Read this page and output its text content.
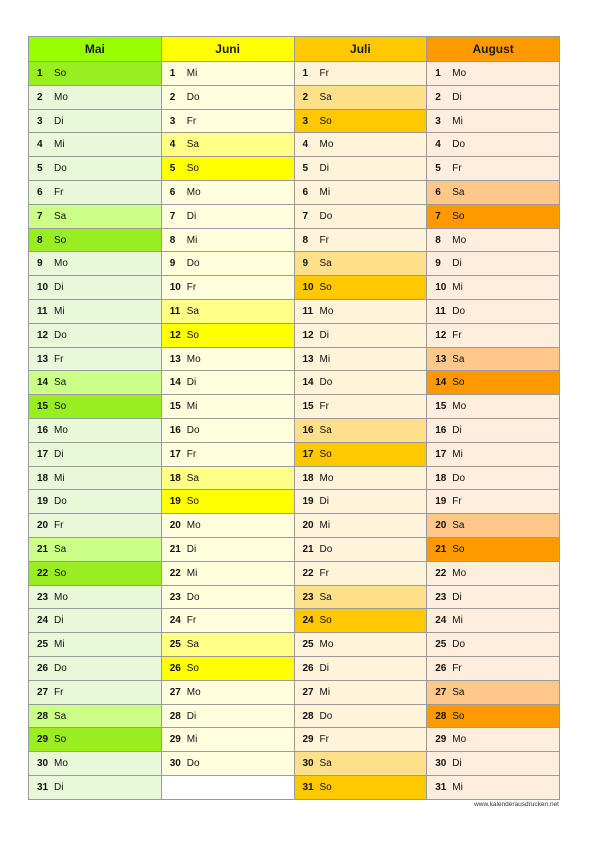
Mai
1 So
2 Mo
3 Di
4 Mi
5 Do
6 Fr
7 Sa
8 So
9 Mo
10 Di
11 Mi
12 Do
13 Fr
14 Sa
15 So
16 Mo
17 Di
18 Mi
19 Do
20 Fr
21 Sa
22 So
23 Mo
24 Di
25 Mi
26 Do
27 Fr
28 Sa
29 So
30 Mo
31 Di
Juni
1 Mi
2 Do
3 Fr
4 Sa
5 So
6 Mo
7 Di
8 Mi
9 Do
10 Fr
11 Sa
12 So
13 Mo
14 Di
15 Mi
16 Do
17 Fr
18 Sa
19 So
20 Mo
21 Di
22 Mi
23 Do
24 Fr
25 Sa
26 So
27 Mo
28 Di
29 Mi
30 Do
Juli
1 Fr
2 Sa
3 So
4 Mo
5 Di
6 Mi
7 Do
8 Fr
9 Sa
10 So
11 Mo
12 Di
13 Mi
14 Do
15 Fr
16 Sa
17 So
18 Mo
19 Di
20 Mi
21 Do
22 Fr
23 Sa
24 So
25 Mo
26 Di
27 Mi
28 Do
29 Fr
30 Sa
31 So
August
1 Mo
2 Di
3 Mi
4 Do
5 Fr
6 Sa
7 So
8 Mo
9 Di
10 Mi
11 Do
12 Fr
13 Sa
14 So
15 Mo
16 Di
17 Mi
18 Do
19 Fr
20 Sa
21 So
22 Mo
23 Di
24 Mi
25 Do
26 Fr
27 Sa
28 So
29 Mo
30 Di
31 Mi
www.kalenderausdrucken.net
